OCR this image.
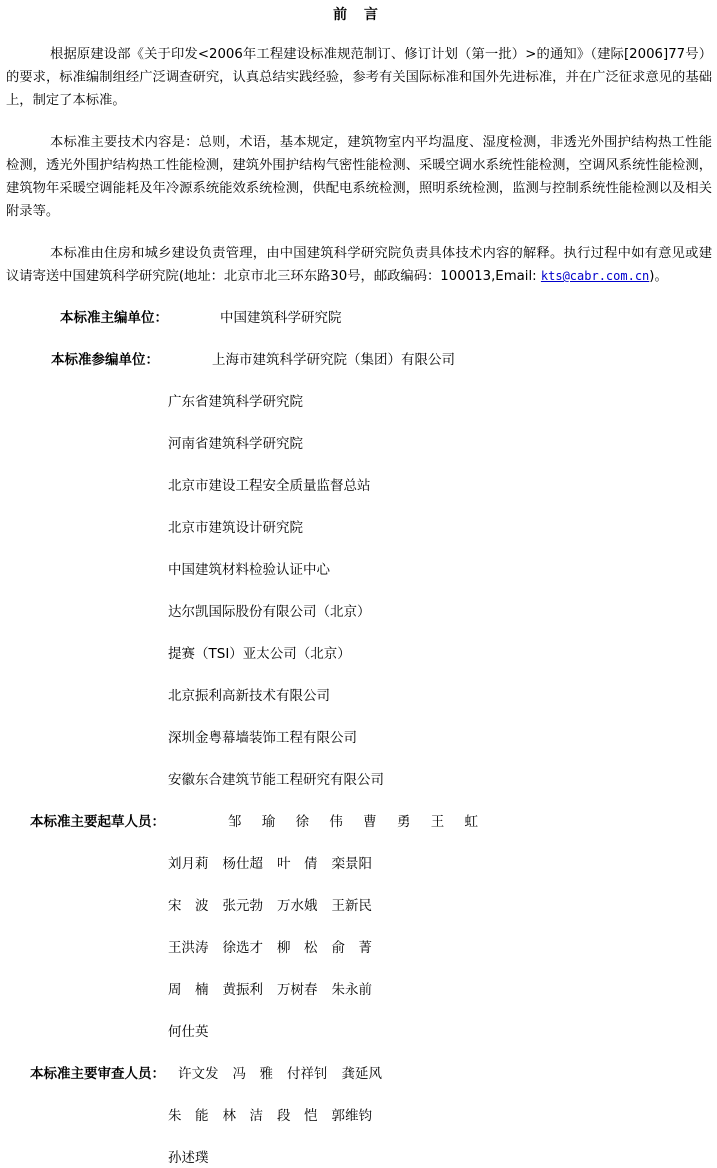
前 言

根据原建设部《关于印发<2006年工程建设标准规范制订、修订计划（第一批）>的通知》（建际[2006]77号）的要求，标准编制组经广泛调查研究，认真总结实践经验，参考有关国际标准和国外先进标准，并在广泛征求意见的基础上，制定了本标准。

本标准主要技术内容是：总则，术语，基本规定，建筑物室内平均温度、湿度检测，非透光外围护结构热工性能检测，透光外围护结构热工性能检测，建筑外围护结构气密性能检测、采暖空调水系统性能检测，空调风系统性能检测，建筑物年采暖空调能耗及年冷源系统能效系统检测，供配电系统检测，照明系统检测，监测与控制系统性能检测以及相关附录等。

本标准由住房和城乡建设负责管理，由中国建筑科学研究院负责具体技术内容的解释。执行过程中如有意见或建议请寄送中国建筑科学研究院(地址：北京市北三环东路30号，邮政编码：100013,Email: kts@cabr.com.cn)。

本标准主编单位：	中国建筑科学研究院
本标准参编单位：	上海市建筑科学研究院（集团）有限公司
广东省建筑科学研究院
河南省建筑科学研究院
北京市建设工程安全质量监督总站
北京市建筑设计研究院
中国建筑材料检验认证中心
达尔凯国际股份有限公司（北京）
提赛（TSI）亚太公司（北京）
北京振利高新技术有限公司
深圳金粤幕墙装饰工程有限公司
安徽东合建筑节能工程研究有限公司
本标准主要起草人员：	邹 瑜 徐 伟 曹 勇 王 虹
刘月莉 杨仕超 叶　倩 栾景阳
宋　波 张元勃 万水娥 王新民
王洪涛 徐选才 柳　松 俞　菁
周　楠 黄振利 万树春 朱永前
何仕英
本标准主要审查人员： 许文发 冯　雅 付祥钊 龚延风
朱　能 林　洁 段　恺 郭维钧
孙述璞
